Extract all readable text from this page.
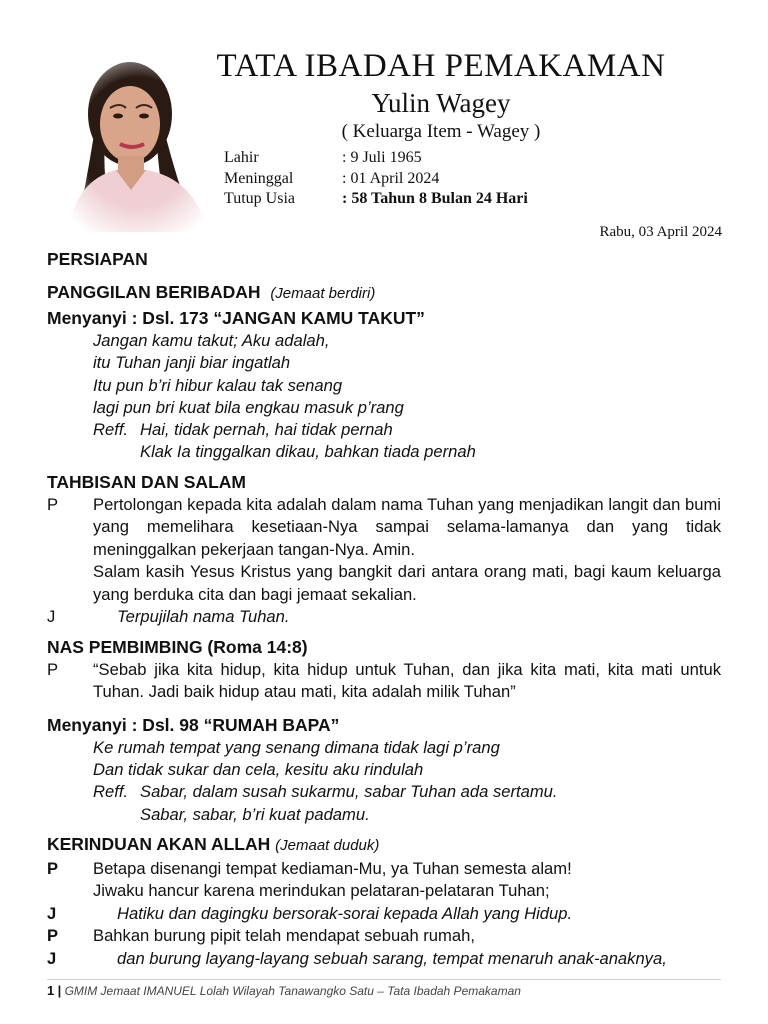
TATA IBADAH PEMAKAMAN
Yulin Wagey
( Keluarga Item - Wagey )
Lahir	: 9 Juli 1965
Meninggal	: 01 April 2024
Tutup Usia	: 58 Tahun 8 Bulan 24 Hari
Rabu, 03 April 2024
PERSIAPAN
PANGGILAN BERIBADAH (Jemaat berdiri)
Menyanyi : Dsl. 173 “JANGAN KAMU TAKUT”
Jangan kamu takut; Aku adalah,
itu Tuhan janji biar ingatlah
Itu pun b’ri hibur kalau tak senang
lagi pun bri kuat bila engkau masuk p’rang
Reff. Hai, tidak pernah, hai tidak pernah
Klak Ia tinggalkan dikau, bahkan tiada pernah
TAHBISAN DAN SALAM
P	Pertolongan kepada kita adalah dalam nama Tuhan yang menjadikan langit dan bumi yang memelihara kesetiaan-Nya sampai selama-lamanya dan yang tidak meninggalkan pekerjaan tangan-Nya. Amin.
Salam kasih Yesus Kristus yang bangkit dari antara orang mati, bagi kaum keluarga yang berduka cita dan bagi jemaat sekalian.
J	Terpujilah nama Tuhan.
NAS PEMBIMBING (Roma 14:8)
P	“Sebab jika kita hidup, kita hidup untuk Tuhan, dan jika kita mati, kita mati untuk Tuhan. Jadi baik hidup atau mati, kita adalah milik Tuhan”
Menyanyi : Dsl. 98 “RUMAH BAPA”
Ke rumah tempat yang senang dimana tidak lagi p’rang
Dan tidak sukar dan cela, kesitu aku rindulah
Reff. Sabar, dalam susah sukarmu, sabar Tuhan ada sertamu.
Sabar, sabar, b’ri kuat padamu.
KERINDUAN AKAN ALLAH (Jemaat duduk)
P	Betapa disenangi tempat kediaman-Mu, ya Tuhan semesta alam!
Jiwaku hancur karena merindukan pelataran-pelataran Tuhan;
J	Hatiku dan dagingku bersorak-sorai kepada Allah yang Hidup.
P	Bahkan burung pipit telah mendapat sebuah rumah,
J	dan burung layang-layang sebuah sarang, tempat menaruh anak-anaknya,
1 | GMIM Jemaat IMANUEL Lolah Wilayah Tanawangko Satu – Tata Ibadah Pemakaman
